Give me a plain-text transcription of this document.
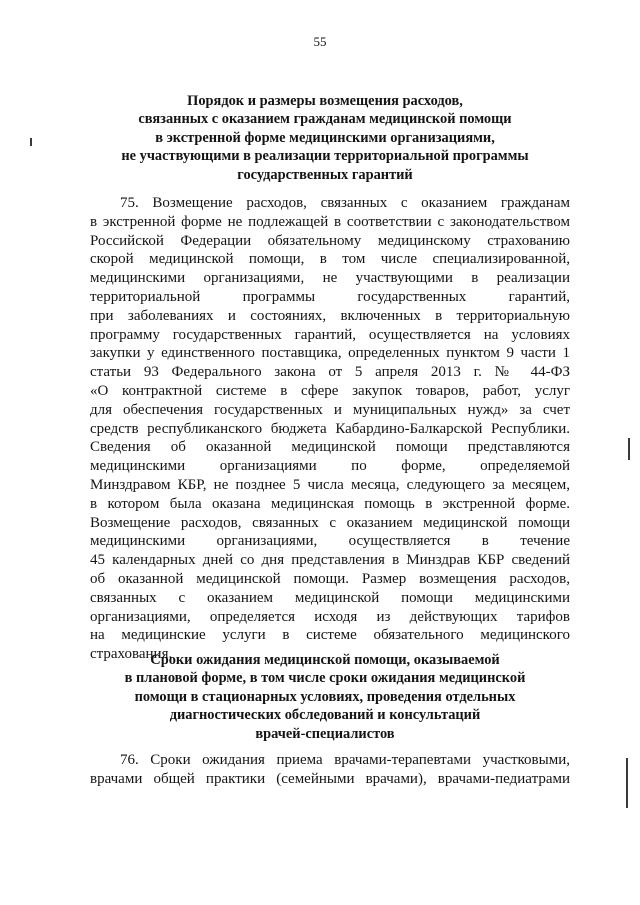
55
Порядок и размеры возмещения расходов,
связанных с оказанием гражданам медицинской помощи
в экстренной форме медицинскими организациями,
не участвующими в реализации территориальной программы
государственных гарантий
75. Возмещение расходов, связанных с оказанием гражданам
в экстренной форме не подлежащей в соответствии с законодательством
Российской Федерации обязательному медицинскому страхованию
скорой медицинской помощи, в том числе специализированной,
медицинскими организациями, не участвующими в реализации
территориальной программы государственных гарантий,
при заболеваниях и состояниях, включенных в территориальную
программу государственных гарантий, осуществляется на условиях
закупки у единственного поставщика, определенных пунктом 9 части 1
статьи 93 Федерального закона от 5 апреля 2013 г. № 44-ФЗ
«О контрактной системе в сфере закупок товаров, работ, услуг
для обеспечения государственных и муниципальных нужд» за счет
средств республиканского бюджета Кабардино-Балкарской Республики.
Сведения об оказанной медицинской помощи представляются
медицинскими организациями по форме, определяемой
Минздравом КБР, не позднее 5 числа месяца, следующего за месяцем,
в котором была оказана медицинская помощь в экстренной форме.
Возмещение расходов, связанных с оказанием медицинской помощи
медицинскими организациями, осуществляется в течение
45 календарных дней со дня представления в Минздрав КБР сведений
об оказанной медицинской помощи. Размер возмещения расходов,
связанных с оказанием медицинской помощи медицинскими
организациями, определяется исходя из действующих тарифов
на медицинские услуги в системе обязательного медицинского
страхования.
Сроки ожидания медицинской помощи, оказываемой
в плановой форме, в том числе сроки ожидания медицинской
помощи в стационарных условиях, проведения отдельных
диагностических обследований и консультаций
врачей-специалистов
76. Сроки ожидания приема врачами-терапевтами участковыми,
врачами общей практики (семейными врачами), врачами-педиатрами
